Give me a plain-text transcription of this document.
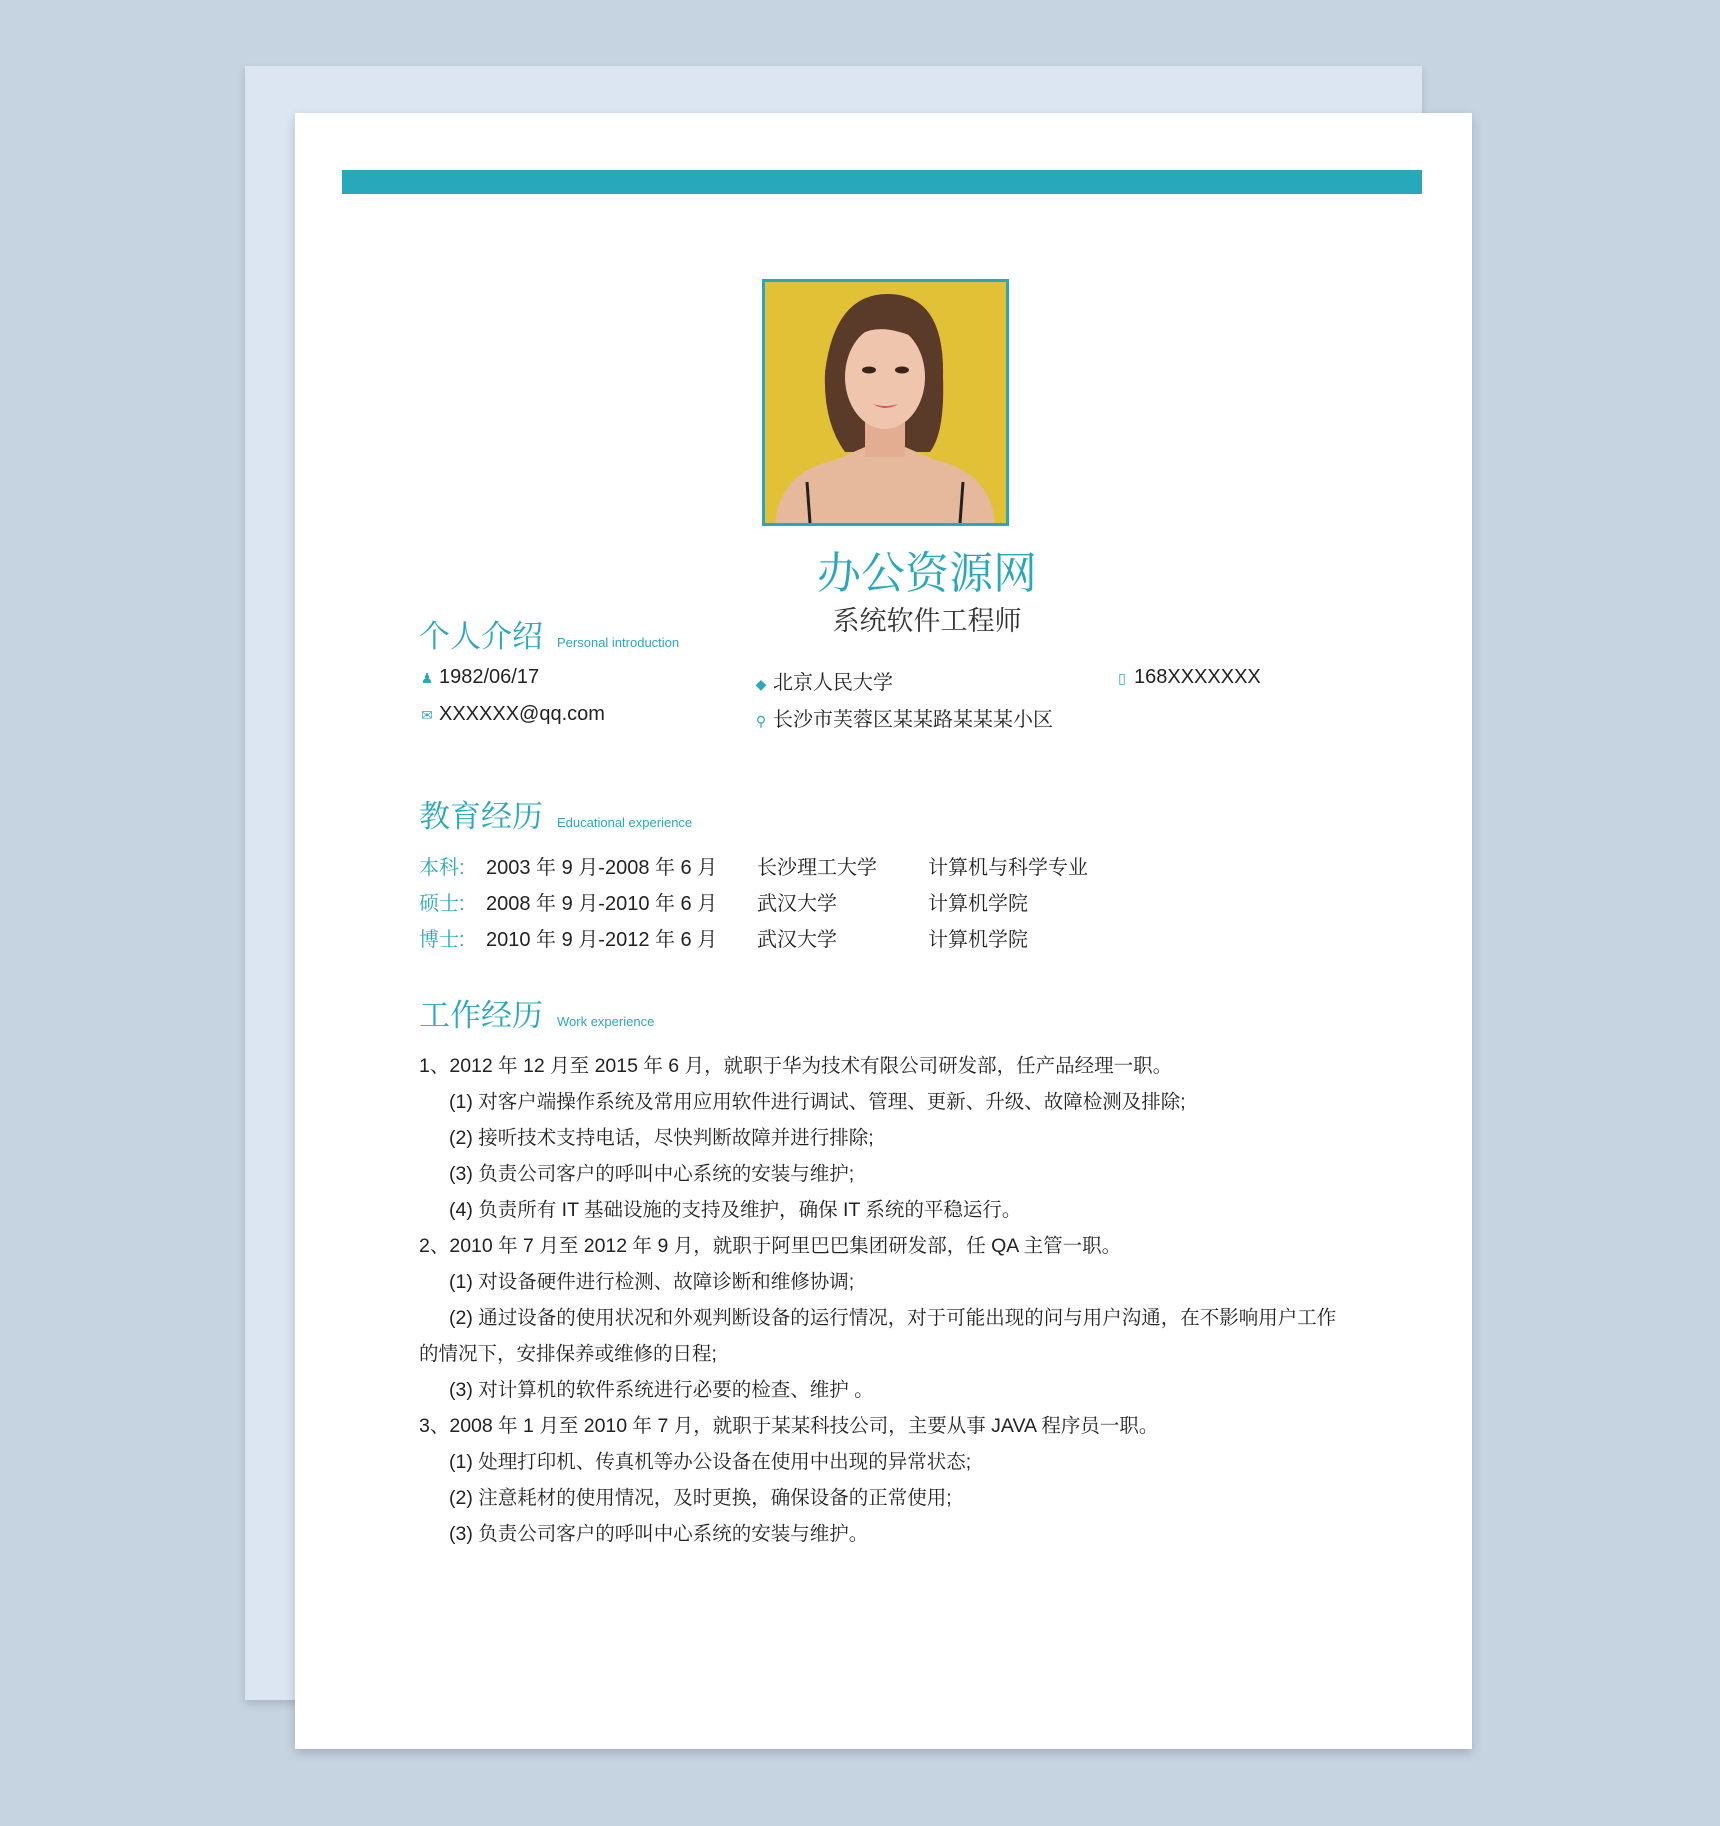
办公资源网
系统软件工程师
个人介绍 Personal introduction
♟ 1982/06/17	◆ 北京人民大学	▯ 168XXXXXXX
✉ XXXXXX@qq.com	⚲ 长沙市芙蓉区某某路某某某小区
教育经历 Educational experience
本科: 2003 年 9 月-2008 年 6 月 长沙理工大学	计算机与科学专业
硕士: 2008 年 9 月-2010 年 6 月 武汉大学	计算机学院
博士: 2010 年 9 月-2012 年 6 月 武汉大学	计算机学院
工作经历 Work experience
1、2012 年 12 月至 2015 年 6 月，就职于华为技术有限公司研发部，任产品经理一职。
(1) 对客户端操作系统及常用应用软件进行调试、管理、更新、升级、故障检测及排除;
(2) 接听技术支持电话，尽快判断故障并进行排除;
(3) 负责公司客户的呼叫中心系统的安装与维护;
(4) 负责所有 IT 基础设施的支持及维护，确保 IT 系统的平稳运行。
2、2010 年 7 月至 2012 年 9 月，就职于阿里巴巴集团研发部，任 QA 主管一职。
(1) 对设备硬件进行检测、故障诊断和维修协调;
(2) 通过设备的使用状况和外观判断设备的运行情况，对于可能出现的问与用户沟通，在不影响用户工作的情况下，安排保养或维修的日程;
(3) 对计算机的软件系统进行必要的检查、维护 。
3、2008 年 1 月至 2010 年 7 月，就职于某某科技公司，主要从事 JAVA 程序员一职。
(1) 处理打印机、传真机等办公设备在使用中出现的异常状态;
(2) 注意耗材的使用情况，及时更换，确保设备的正常使用;
(3) 负责公司客户的呼叫中心系统的安装与维护。
